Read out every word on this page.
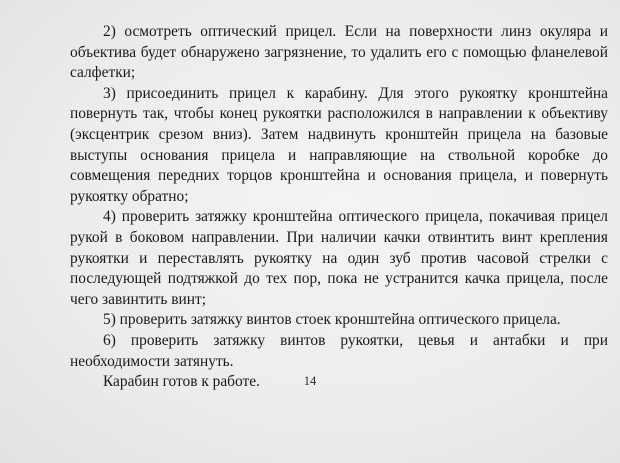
2) осмотреть оптический прицел. Если на поверхности линз окуляра и объектива будет обнаружено загрязнение, то удалить его с помощью фланелевой салфетки;

3) присоединить прицел к карабину. Для этого рукоятку кронштейна повернуть так, чтобы конец рукоятки расположился в направлении к объективу (эксцентрик срезом вниз). Затем надвинуть кронштейн прицела на базовые выступы основания прицела и направляющие на ствольной коробке до совмещения передних торцов кронштейна и основания прицела, и повернуть рукоятку обратно;

4) проверить затяжку кронштейна оптического прицела, покачивая прицел рукой в боковом направлении. При наличии качки отвинтить винт крепления рукоятки и переставлять рукоятку на один зуб против часовой стрелки с последующей подтяжкой до тех пор, пока не устранится качка прицела, после чего завинтить винт;

5) проверить затяжку винтов стоек кронштейна оптического прицела.

6) проверить затяжку винтов рукоятки, цевья и антабки и при необходимости затянуть.

Карабин готов к работе.	14
